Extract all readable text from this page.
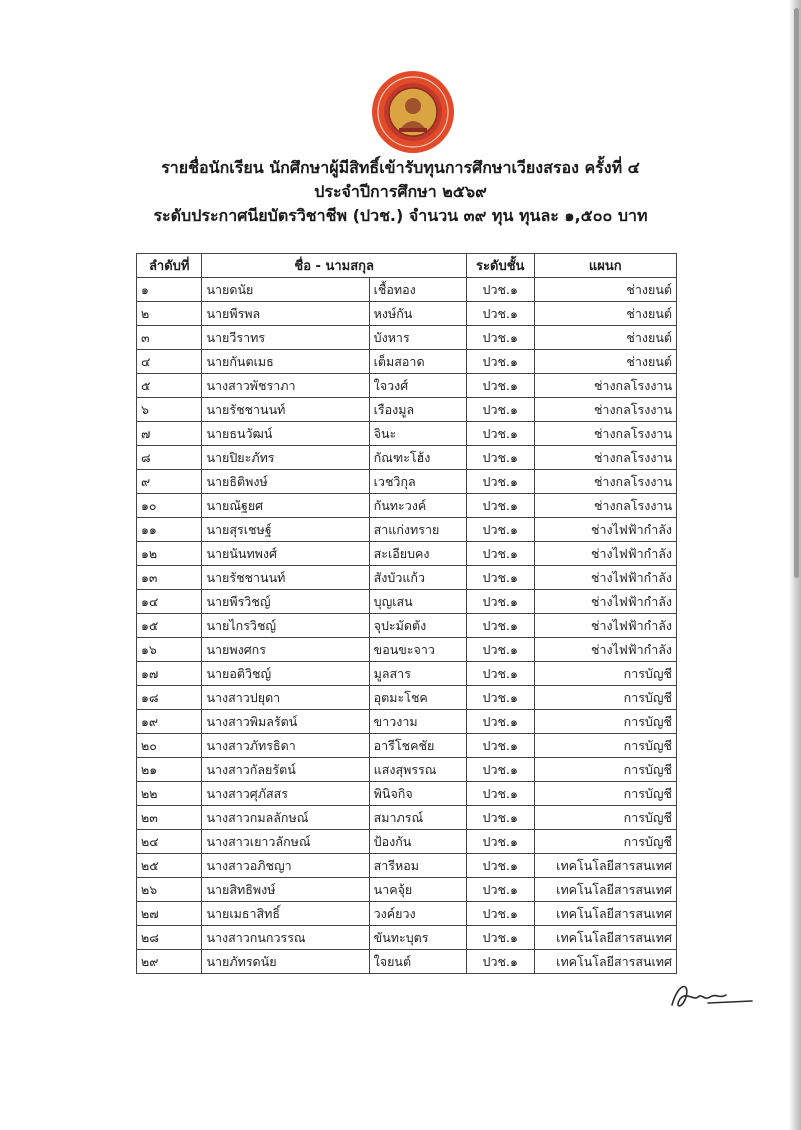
รายชื่อนักเรียน นักศึกษาผู้มีสิทธิ์เข้ารับทุนการศึกษาเวียงสรอง ครั้งที่ ๔
ประจำปีการศึกษา ๒๕๖๙
ระดับประกาศนียบัตรวิชาชีพ (ปวช.) จำนวน ๓๙ ทุน ทุนละ ๑,๕๐๐ บาท
ลำดับที่	ชื่อ - นามสกุล		ระดับชั้น	แผนก
๑	นายดนัย	เชื้อทอง	ปวช.๑	ช่างยนต์
๒	นายพีรพล	หงษ์กัน	ปวช.๑	ช่างยนต์
๓	นายวีราทร	บังหาร	ปวช.๑	ช่างยนต์
๔	นายกันตเมธ	เต็มสอาด	ปวช.๑	ช่างยนต์
๕	นางสาวพัชราภา	ใจวงศ์	ปวช.๑	ช่างกลโรงงาน
๖	นายรัชชานนท์	เรืองมูล	ปวช.๑	ช่างกลโรงงาน
๗	นายธนวัฒน์	จินะ	ปวช.๑	ช่างกลโรงงาน
๘	นายปิยะภัทร	กัณฑะโฮ้ง	ปวช.๑	ช่างกลโรงงาน
๙	นายธิติพงษ์	เวชวิกุล	ปวช.๑	ช่างกลโรงงาน
๑๐	นายณัฐยศ	กันทะวงค์	ปวช.๑	ช่างกลโรงงาน
๑๑	นายสุรเชษฐ์	สาแก่งทราย	ปวช.๑	ช่างไฟฟ้ากำลัง
๑๒	นายนันทพงศ์	สะเอียบคง	ปวช.๑	ช่างไฟฟ้ากำลัง
๑๓	นายรัชชานนท์	สังบัวแก้ว	ปวช.๑	ช่างไฟฟ้ากำลัง
๑๔	นายพีรวิชญ์	บุญเสน	ปวช.๑	ช่างไฟฟ้ากำลัง
๑๕	นายไกรวิชญ์	จุปะมัดตัง	ปวช.๑	ช่างไฟฟ้ากำลัง
๑๖	นายพงศกร	ขอนขะจาว	ปวช.๑	ช่างไฟฟ้ากำลัง
๑๗	นายอติวิชญ์	มูลสาร	ปวช.๑	การบัญชี
๑๘	นางสาวปยุดา	อุตมะโชค	ปวช.๑	การบัญชี
๑๙	นางสาวพิมลรัตน์	ขาวงาม	ปวช.๑	การบัญชี
๒๐	นางสาวภัทรธิดา	อารีโชคชัย	ปวช.๑	การบัญชี
๒๑	นางสาวกัลยรัตน์	แสงสุพรรณ	ปวช.๑	การบัญชี
๒๒	นางสาวศุภัสสร	พินิจกิจ	ปวช.๑	การบัญชี
๒๓	นางสาวกมลลักษณ์	สมาภรณ์	ปวช.๑	การบัญชี
๒๔	นางสาวเยาวลักษณ์	ป้องกัน	ปวช.๑	การบัญชี
๒๕	นางสาวอภิชญา	สารีหอม	ปวช.๑	เทคโนโลยีสารสนเทศ
๒๖	นายสิทธิพงษ์	นาคจุ้ย	ปวช.๑	เทคโนโลยีสารสนเทศ
๒๗	นายเมธาสิทธิ์	วงค์ยวง	ปวช.๑	เทคโนโลยีสารสนเทศ
๒๘	นางสาวกนกวรรณ	ขันทะบุตร	ปวช.๑	เทคโนโลยีสารสนเทศ
๒๙	นายภัทรดนัย	ใจยนต์	ปวช.๑	เทคโนโลยีสารสนเทศ
